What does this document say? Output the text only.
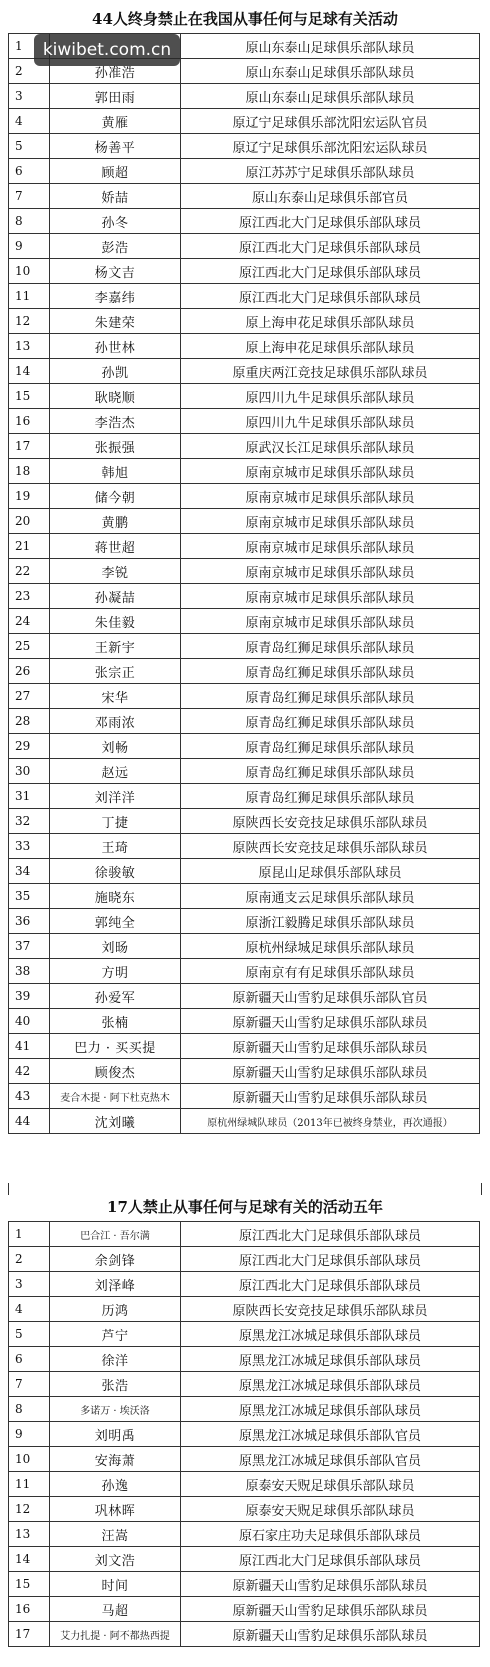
44人终身禁止在我国从事任何与足球有关活动
1		原山东泰山足球俱乐部队球员
2	孙准浩	原山东泰山足球俱乐部队球员
3	郭田雨	原山东泰山足球俱乐部队球员
4	黄雁	原辽宁足球俱乐部沈阳宏运队官员
5	杨善平	原辽宁足球俱乐部沈阳宏运队球员
6	顾超	原江苏苏宁足球俱乐部队球员
7	娇喆	原山东泰山足球俱乐部官员
8	孙冬	原江西北大门足球俱乐部队球员
9	彭浩	原江西北大门足球俱乐部队球员
10	杨文吉	原江西北大门足球俱乐部队球员
11	李嘉纬	原江西北大门足球俱乐部队球员
12	朱建荣	原上海申花足球俱乐部队球员
13	孙世林	原上海申花足球俱乐部队球员
14	孙凯	原重庆两江竞技足球俱乐部队球员
15	耿晓顺	原四川九牛足球俱乐部队球员
16	李浩杰	原四川九牛足球俱乐部队球员
17	张振强	原武汉长江足球俱乐部队球员
18	韩旭	原南京城市足球俱乐部队球员
19	储今朝	原南京城市足球俱乐部队球员
20	黄鹏	原南京城市足球俱乐部队球员
21	蒋世超	原南京城市足球俱乐部队球员
22	李锐	原南京城市足球俱乐部队球员
23	孙凝喆	原南京城市足球俱乐部队球员
24	朱佳毅	原南京城市足球俱乐部队球员
25	王新宇	原青岛红狮足球俱乐部队球员
26	张宗正	原青岛红狮足球俱乐部队球员
27	宋华	原青岛红狮足球俱乐部队球员
28	邓雨浓	原青岛红狮足球俱乐部队球员
29	刘畅	原青岛红狮足球俱乐部队球员
30	赵远	原青岛红狮足球俱乐部队球员
31	刘洋洋	原青岛红狮足球俱乐部队球员
32	丁捷	原陕西长安竞技足球俱乐部队球员
33	王琦	原陕西长安竞技足球俱乐部队球员
34	徐骏敏	原昆山足球俱乐部队球员
35	施晓东	原南通支云足球俱乐部队球员
36	郭纯全	原浙江毅腾足球俱乐部队球员
37	刘旸	原杭州绿城足球俱乐部队球员
38	方明	原南京有有足球俱乐部队球员
39	孙爱军	原新疆天山雪豹足球俱乐部队官员
40	张楠	原新疆天山雪豹足球俱乐部队球员
41	巴力 · 买买提	原新疆天山雪豹足球俱乐部队球员
42	顾俊杰	原新疆天山雪豹足球俱乐部队球员
43	麦合木提 · 阿下杜克热木	原新疆天山雪豹足球俱乐部队球员
44	沈刘曦	原杭州绿城队球员（2013年已被终身禁业，再次通报）
17人禁止从事任何与足球有关的活动五年
1	巴合江 · 吾尔满	原江西北大门足球俱乐部队球员
2	余剑锋	原江西北大门足球俱乐部队球员
3	刘泽峰	原江西北大门足球俱乐部队球员
4	历鸿	原陕西长安竞技足球俱乐部队球员
5	芦宁	原黑龙江冰城足球俱乐部队球员
6	徐洋	原黑龙江冰城足球俱乐部队球员
7	张浩	原黑龙江冰城足球俱乐部队球员
8	多诺万 · 埃沃洛	原黑龙江冰城足球俱乐部队球员
9	刘明禹	原黑龙江冰城足球俱乐部队官员
10	安海萧	原黑龙江冰城足球俱乐部队官员
11	孙逸	原泰安天贶足球俱乐部队球员
12	巩林晖	原泰安天贶足球俱乐部队球员
13	汪嵩	原石家庄功夫足球俱乐部队球员
14	刘文浩	原江西北大门足球俱乐部队球员
15	时间	原新疆天山雪豹足球俱乐部队球员
16	马超	原新疆天山雪豹足球俱乐部队球员
17	艾力扎提 · 阿不都热西提	原新疆天山雪豹足球俱乐部队球员
kiwibet.com.cn
